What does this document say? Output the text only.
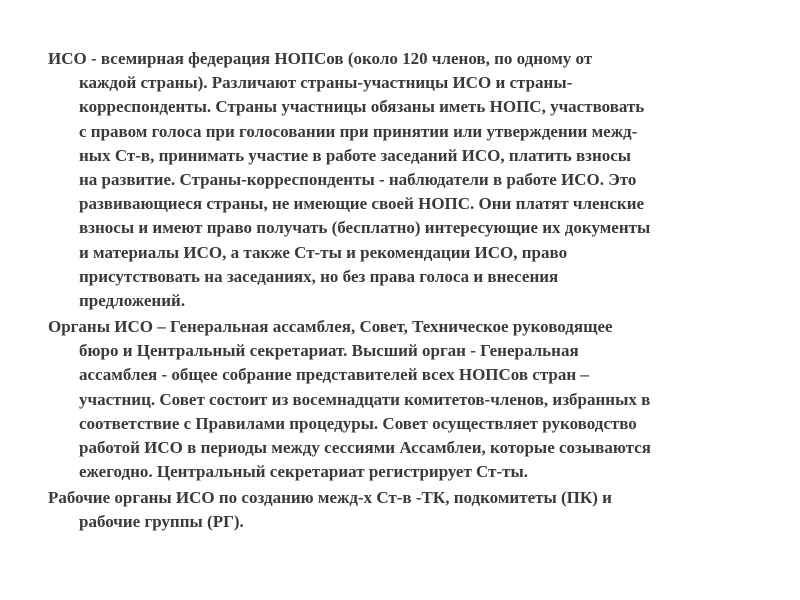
ИСО - всемирная федерация НОПСов (около 120 членов, по одному от
каждой страны). Различают страны-участницы ИСО и страны-
корреспонденты. Страны участницы обязаны иметь НОПС, участвовать
с правом голоса при голосовании при принятии или утверждении межд-
ных Ст-в, принимать участие в работе заседаний ИСО, платить взносы
на развитие. Страны-корреспонденты - наблюдатели в работе ИСО. Это
развивающиеся страны, не имеющие своей НОПС. Они платят членские
взносы и имеют право получать (бесплатно) интересующие их документы
и материалы ИСО, а также Ст-ты и рекомендации ИСО, право
присутствовать на заседаниях, но без права голоса и внесения
предложений.

Органы ИСО – Генеральная ассамблея, Совет, Техническое руководящее
бюро и Центральный секретариат. Высший орган - Генеральная
ассамблея - общее собрание представителей всех НОПСов стран –
участниц. Совет состоит из восемнадцати комитетов-членов, избранных в
соответствие с Правилами процедуры. Совет осуществляет руководство
работой ИСО в периоды между сессиями Ассамблеи, которые созываются
ежегодно. Центральный секретариат регистрирует Ст-ты.

Рабочие органы ИСО по созданию межд-х Ст-в -ТК, подкомитеты (ПК) и
рабочие группы (РГ).
